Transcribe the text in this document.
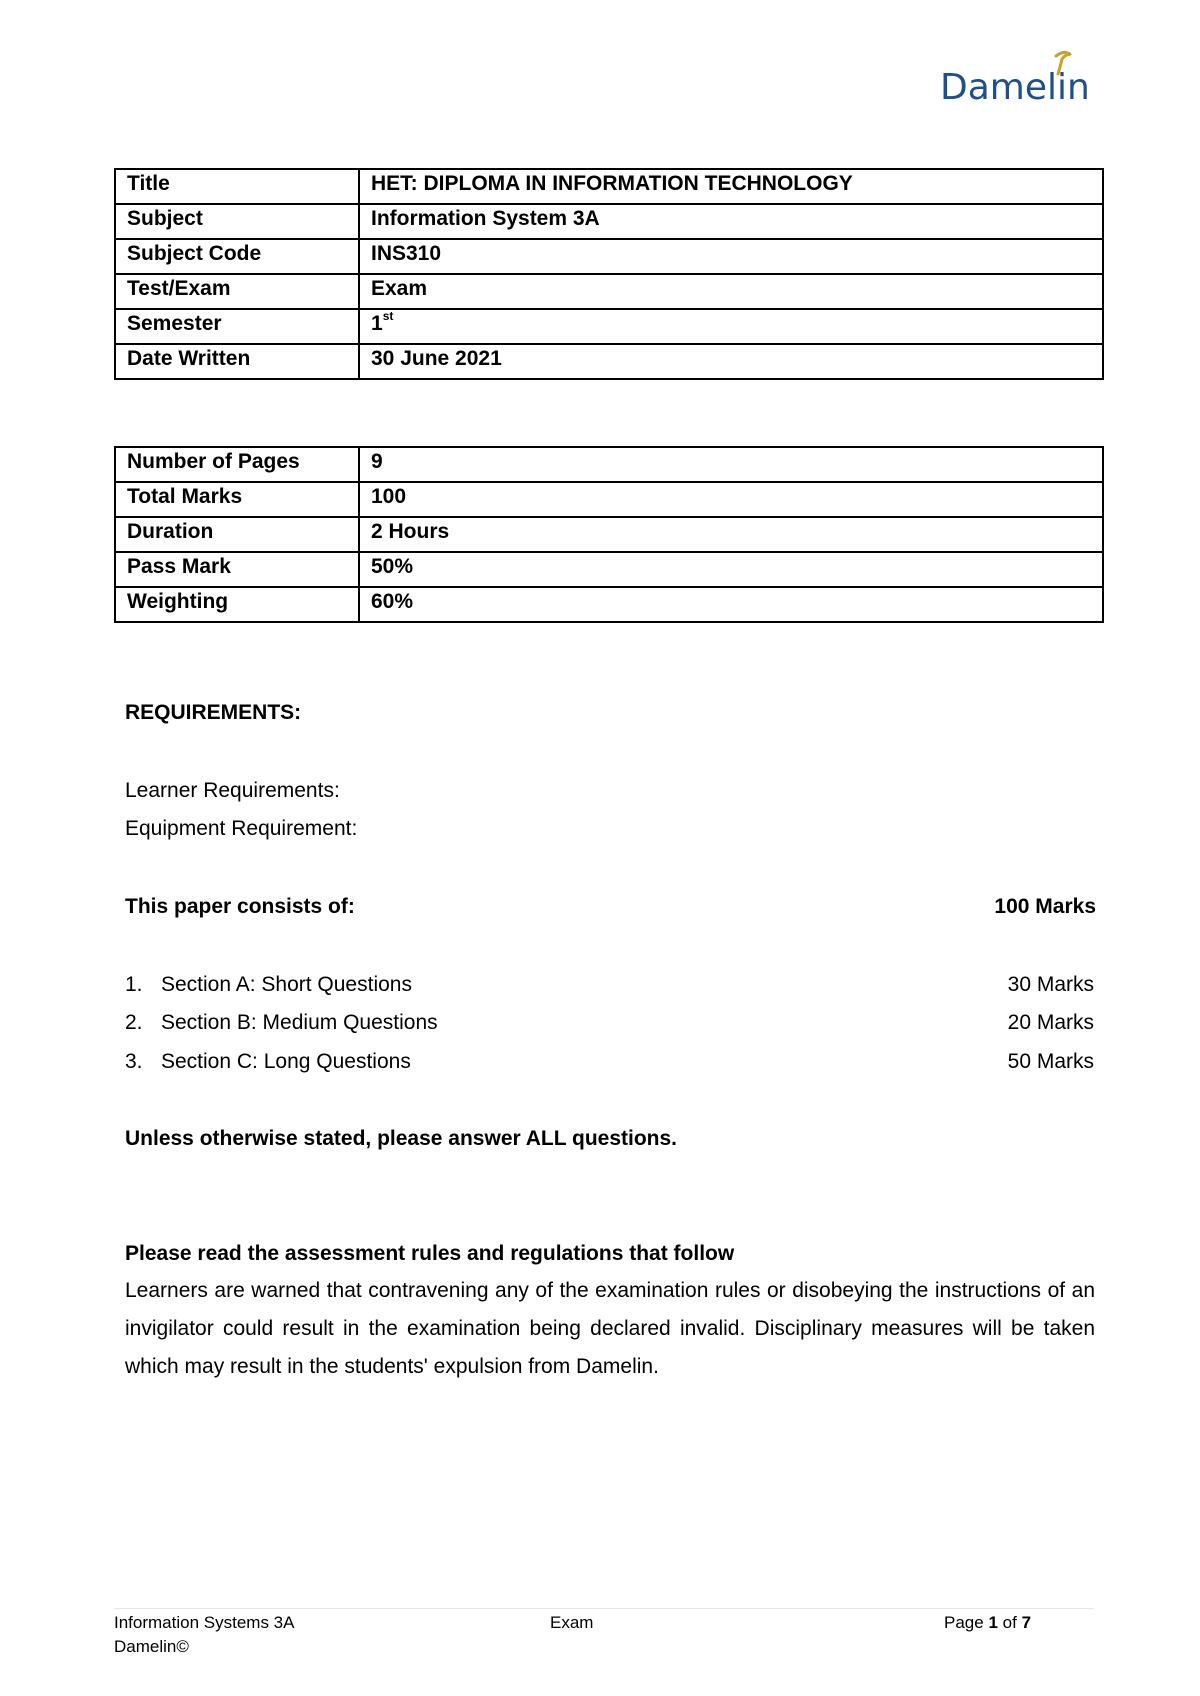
Damelin
Title	HET: DIPLOMA IN INFORMATION TECHNOLOGY
Subject	Information System 3A
Subject Code	INS310
Test/Exam	Exam
Semester	1st
Date Written	30 June 2021
Number of Pages	9
Total Marks	100
Duration	2 Hours
Pass Mark	50%
Weighting	60%
REQUIREMENTS:
Learner Requirements:
Equipment Requirement:
This paper consists of:	100 Marks
1. Section A: Short Questions	30 Marks
2. Section B: Medium Questions	20 Marks
3. Section C: Long Questions	50 Marks
Unless otherwise stated, please answer ALL questions.
Please read the assessment rules and regulations that follow
Learners are warned that contravening any of the examination rules or disobeying the instructions of an invigilator could result in the examination being declared invalid. Disciplinary measures will be taken which may result in the students' expulsion from Damelin.
Information Systems 3A
Damelin©
Exam	Page 1 of 7
